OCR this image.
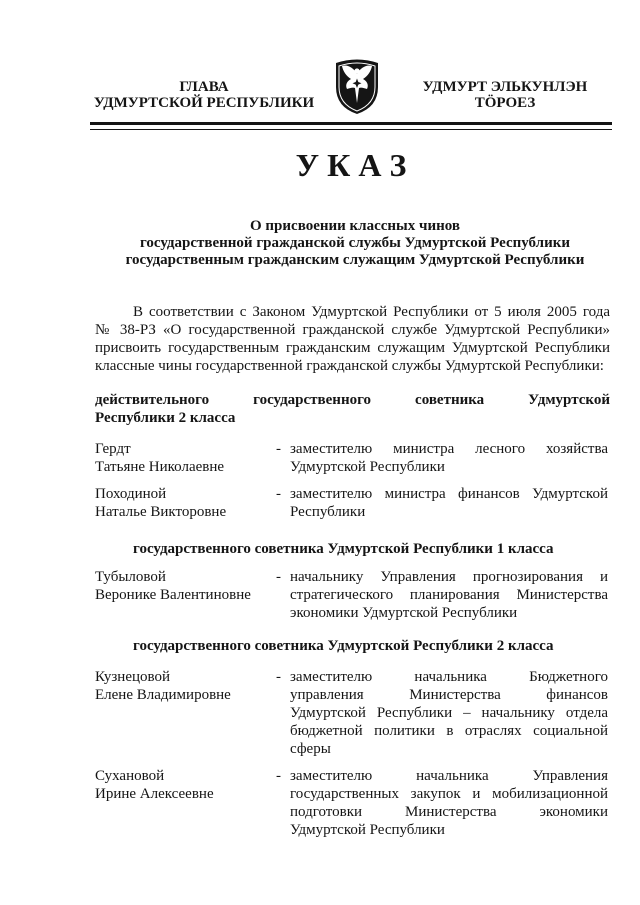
ГЛАВА
УДМУРТСКОЙ РЕСПУБЛИКИ
УДМУРТ ЭЛЬКУНЛЭН
ТӦРОЕЗ
У К А З
О присвоении классных чинов
государственной гражданской службы Удмуртской Республики
государственным гражданским служащим Удмуртской Республики
В соответствии с Законом Удмуртской Республики от 5 июля 2005 года
№ 38-РЗ «О государственной гражданской службе Удмуртской Республики»
присвоить государственным гражданским служащим Удмуртской Республики
классные чины государственной гражданской службы Удмуртской Республики:
действительного государственного советника Удмуртской
Республики 2 класса
Гердт
Татьяне Николаевне
- заместителю министра лесного хозяйства
Удмуртской Республики
Походиной
Наталье Викторовне
- заместителю министра финансов Удмуртской
Республики
государственного советника Удмуртской Республики 1 класса
Тубыловой
Веронике Валентиновне
- начальнику Управления прогнозирования и
стратегического планирования Министерства
экономики Удмуртской Республики
государственного советника Удмуртской Республики 2 класса
Кузнецовой
Елене Владимировне
- заместителю начальника Бюджетного
управления Министерства финансов
Удмуртской Республики – начальнику отдела
бюджетной политики в отраслях социальной
сферы
Сухановой
Ирине Алексеевне
- заместителю начальника Управления
государственных закупок и мобилизационной
подготовки Министерства экономики
Удмуртской Республики
